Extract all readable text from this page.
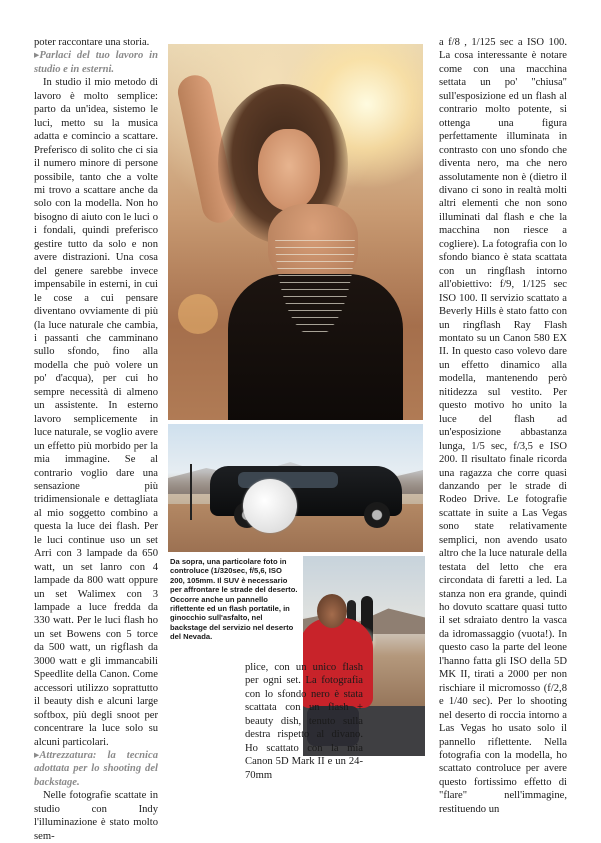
poter raccontare una storia.

▸Parlaci del tuo lavoro in studio e in esterni.

In studio il mio metodo di lavoro è molto semplice: parto da un'idea, sistemo le luci, metto su la musica adatta e comincio a scattare. Preferisco di solito che ci sia il numero minore di persone possibile, tanto che a volte mi trovo a scattare anche da solo con la modella. Non ho bisogno di aiuto con le luci o i fondali, quindi preferisco gestire tutto da solo e non avere distrazioni. Una cosa del genere sarebbe invece impensabile in esterni, in cui le cose a cui pensare diventano ovviamente di più (la luce naturale che cambia, i passanti che camminano sullo sfondo, fino alla modella che può volere un po' d'acqua), per cui ho sempre necessità di almeno un assistente. In esterno lavoro semplicemente in luce naturale, se voglio avere un effetto più morbido per la mia immagine. Se al contrario voglio dare una sensazione più tridimensionale e dettagliata al mio soggetto combino a questa la luce dei flash. Per le luci continue uso un set Arri con 3 lampade da 650 watt, un set lanro con 4 lampade da 800 watt oppure un set Walimex con 3 lampade a luce fredda da 330 watt. Per le luci flash ho un set Bowens con 5 torce da 500 watt, un rigflash da 3000 watt e gli immancabili Speedlite della Canon. Come accessori utilizzo soprattutto il beauty dish e alcuni large softbox, più degli snoot per concentrare la luce solo su alcuni particolari.

▸Attrezzatura: la tecnica adottata per lo shooting del backstage.

Nelle fotografie scattate in studio con Indy l'illuminazione è stato molto sem-

Da sopra, una particolare foto in controluce (1/320sec, f/5,6, ISO 200, 105mm. Il SUV è necessario per affrontare le strade del deserto. Occorre anche un pannello riflettente ed un flash portatile, in ginocchio sull'asfalto, nel backstage del servizio nel deserto del Nevada.

plice, con un unico flash per ogni set. La fotografia con lo sfondo nero è stata scattata con un flash + beauty dish, tenuto sulla destra rispetto al divano. Ho scattato con la mia Canon 5D Mark II e un 24-70mm

a f/8 , 1/125 sec a ISO 100. La cosa interessante è notare come con una macchina settata un po' "chiusa" sull'esposizione ed un flash al contrario molto potente, si ottenga una figura perfettamente illuminata in contrasto con uno sfondo che diventa nero, ma che nero assolutamente non è (dietro il divano ci sono in realtà molti altri elementi che non sono illuminati dal flash e che la macchina non riesce a cogliere). La fotografia con lo sfondo bianco è stata scattata con un ringflash intorno all'obiettivo: f/9, 1/125 sec ISO 100. Il servizio scattato a Beverly Hills è stato fatto con un ringflash Ray Flash montato su un Canon 580 EX II. In questo caso volevo dare un effetto dinamico alla modella, mantenendo però nitidezza sul vestito. Per questo motivo ho unito la luce del flash ad un'esposizione abbastanza lunga, 1/5 sec, f/3,5 e ISO 200. Il risultato finale ricorda una ragazza che corre quasi danzando per le strade di Rodeo Drive. Le fotografie scattate in suite a Las Vegas sono state relativamente semplici, non avendo usato altro che la luce naturale della testata del letto che era circondata di faretti a led. La stanza non era grande, quindi ho dovuto scattare quasi tutto il set sdraiato dentro la vasca da idromassaggio (vuota!). In questo caso la parte del leone l'hanno fatta gli ISO della 5D MK II, tirati a 2000 per non rischiare il micromosso (f/2,8 e 1/40 sec). Per lo shooting nel deserto di roccia intorno a Las Vegas ho usato solo il pannello riflettente. Nella fotografia con la modella, ho scattato controluce per avere questo fortissimo effetto di "flare" nell'immagine, restituendo un
